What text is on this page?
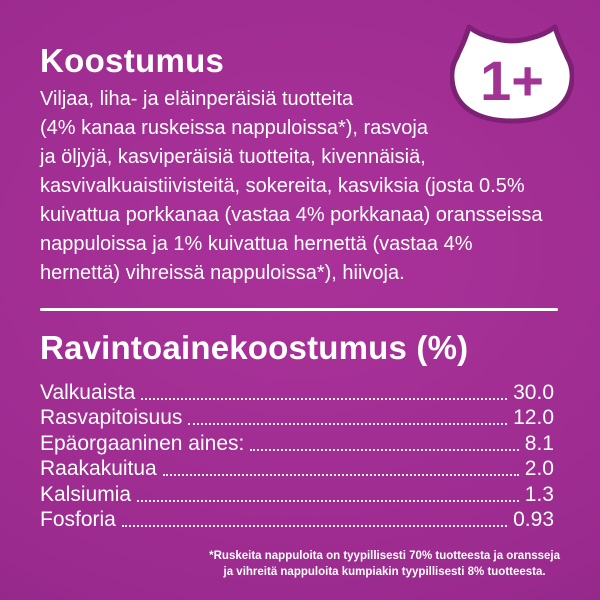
Koostumus	1+
Viljaa, liha- ja eläinperäisiä tuotteita
(4% kanaa ruskeissa nappuloissa*), rasvoja
ja öljyjä, kasviperäisiä tuotteita, kivennäisiä,
kasvivalkuaistiivisteitä, sokereita, kasviksia (josta 0.5%
kuivattua porkkanaa (vastaa 4% porkkanaa) oransseissa
nappuloissa ja 1% kuivattua hernettä (vastaa 4%
hernettä) vihreissä nappuloissa*), hiivoja.
Ravintoainekoostumus (%)
Valkuaista	30.0
Rasvapitoisuus	12.0
Epäorgaaninen aines:	8.1
Raakakuitua	2.0
Kalsiumia	1.3
Fosforia	0.93
*Ruskeita nappuloita on tyypillisesti 70% tuotteesta ja oransseja
ja vihreitä nappuloita kumpiakin tyypillisesti 8% tuotteesta.
